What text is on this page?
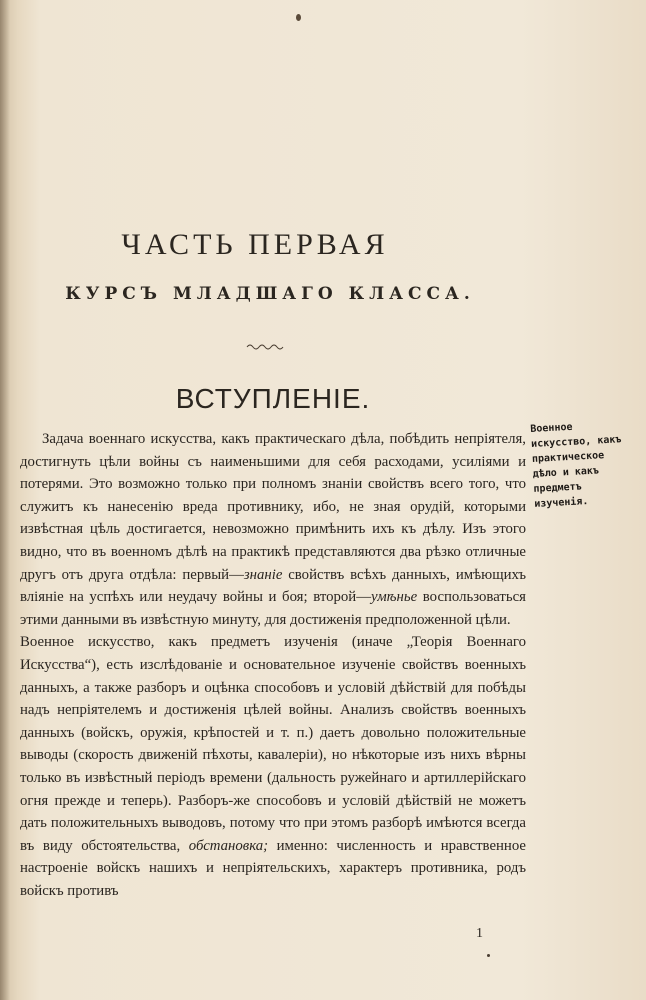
ЧАСТЬ ПЕРВАЯ
КУРСЪ МЛАДШАГО КЛАССА.
ВСТУПЛЕНІЕ.

Задача военнаго искусства, какъ практическаго дѣла, побѣдить непріятеля, достигнуть цѣли войны съ наименьшими для себя расходами, усиліями и потерями. Это возможно только при полномъ знаніи свойствъ всего того, что служитъ къ нанесенію вреда противнику, ибо, не зная орудій, которыми извѣстная цѣль достигается, невозможно примѣнить ихъ къ дѣлу. Изъ этого видно, что въ военномъ дѣлѣ на практикѣ представляются два рѣзко отличные другъ отъ друга отдѣла: первый—знаніе свойствъ всѣхъ данныхъ, имѣющихъ вліяніе на успѣхъ или неудачу войны и боя; второй—умѣнье воспользоваться этими данными въ извѣстную минуту, для достиженія предположенной цѣли.

Военное искусство, какъ предметъ изученія (иначе „Теорія Военнаго Искусства“), есть изслѣдованіе и основательное изученіе свойствъ военныхъ данныхъ, а также разборъ и оцѣнка способовъ и условій дѣйствій для побѣды надъ непріятелемъ и достиженія цѣлей войны. Анализъ свойствъ военныхъ данныхъ (войскъ, оружія, крѣпостей и т. п.) даетъ довольно положительные выводы (скорость движеній пѣхоты, кавалеріи), но нѣкоторые изъ нихъ вѣрны только въ извѣстный періодъ времени (дальность ружейнаго и артиллерійскаго огня прежде и теперь). Разборъ-же способовъ и условій дѣйствій не можетъ дать положительныхъ выводовъ, потому что при этомъ разборѣ имѣются всегда въ виду обстоятельства, обстановка; именно: численность и нравственное настроеніе войскъ нашихъ и непріятельскихъ, характеръ противника, родъ войскъ противъ

Военное искусство, какъ практическое дѣло и какъ предметъ изученія.
1
